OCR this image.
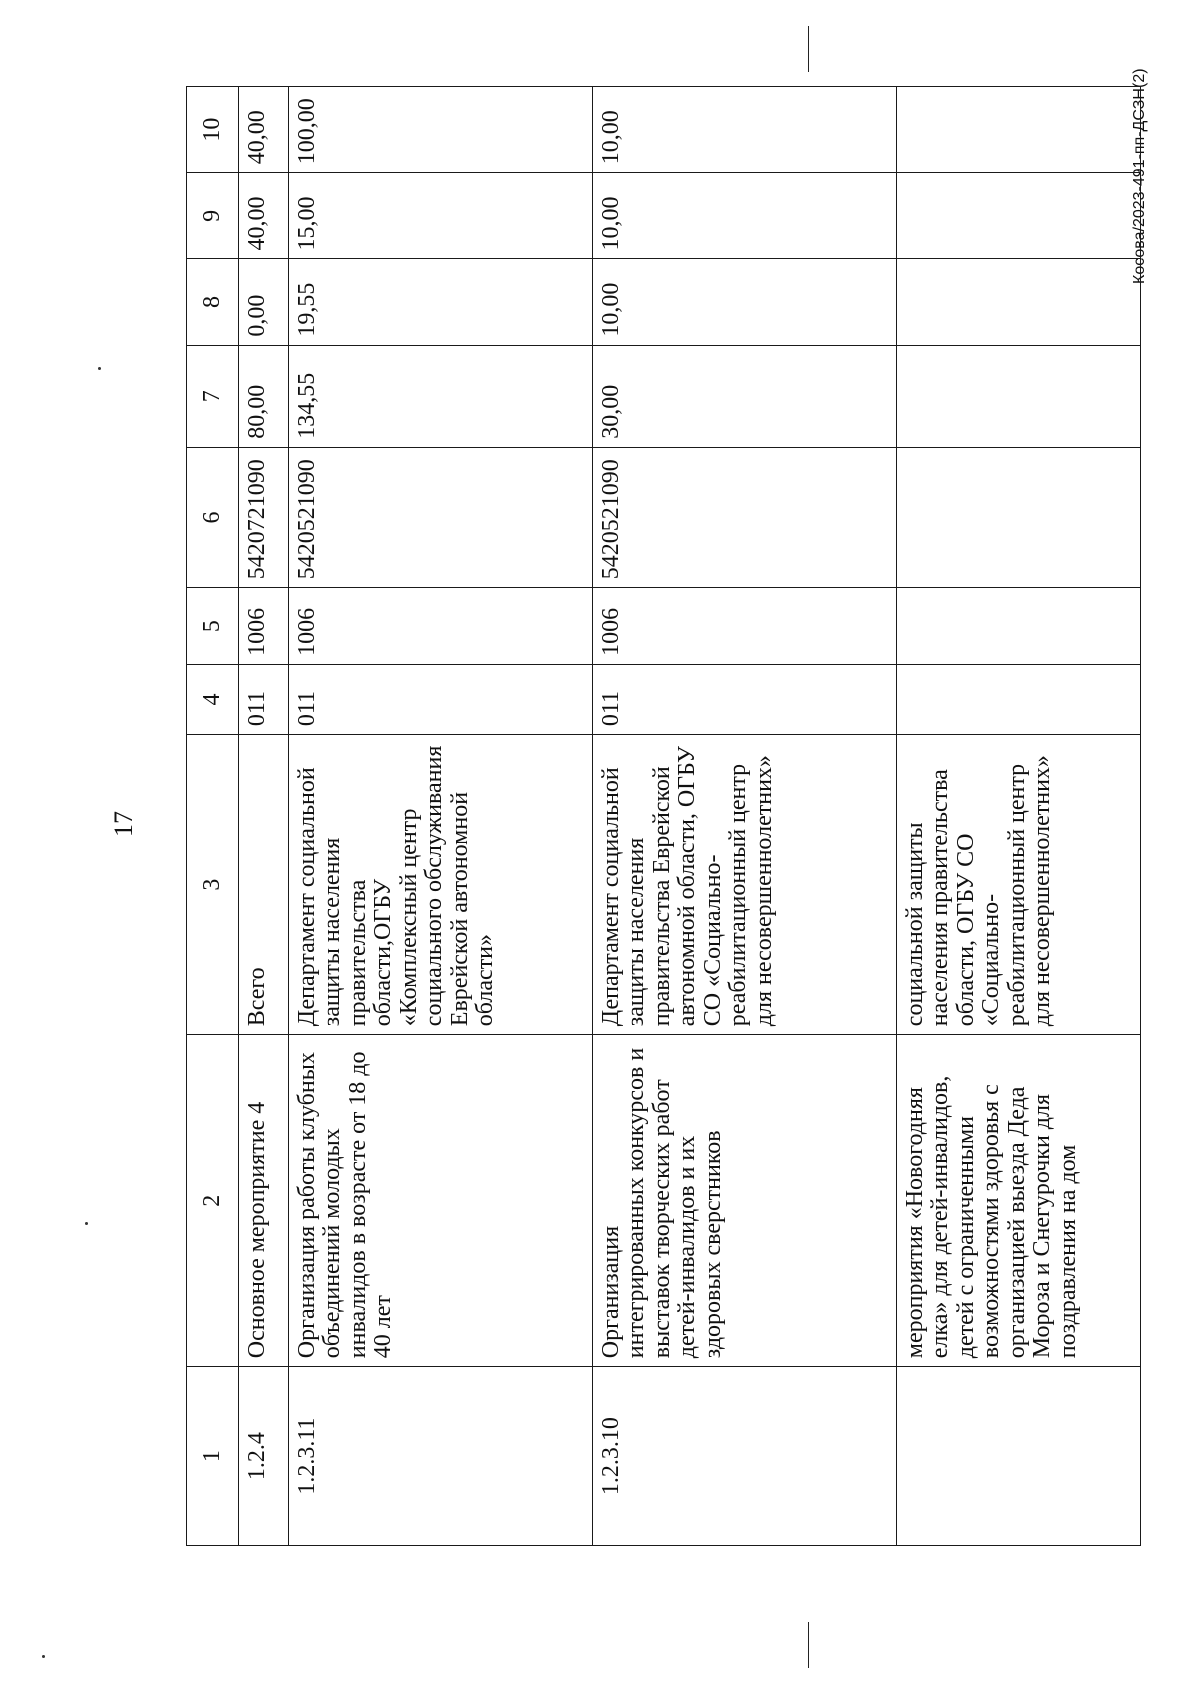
17
Косова/2023-491-пп-ДСЗН(2)
1	2	3	4	5	6	7	8	9	10
1.2.4	Основное мероприятие 4	Всего	011	1006	5420721090	80,00	0,00	40,00	40,00
1.2.3.11	Организация работы клубных объединений молодых инвалидов в возрасте от 18 до 40 лет	Департамент социальной защиты населения правительства области,ОГБУ «Комплексный центр социального обслуживания Еврейской автономной области»	011	1006	5420521090	134,55	19,55	15,00	100,00
1.2.3.10	Организация интегрированных конкурсов и выставок творческих работ детей-инвалидов и их здоровых сверстников	Департамент социальной защиты населения правительства Еврейской автономной области, ОГБУ СО «Социально-реабилитационный центр для несовершеннолетних»	011	1006	5420521090	30,00	10,00	10,00	10,00
	мероприятия «Новогодняя елка» для детей-инвалидов, детей с ограниченными возможностями здоровья с организацией выезда Деда Мороза и Снегурочки для поздравления на дом	социальной защиты населения правительства области, ОГБУ СО «Социально-реабилитационный центр для несовершеннолетних»							
